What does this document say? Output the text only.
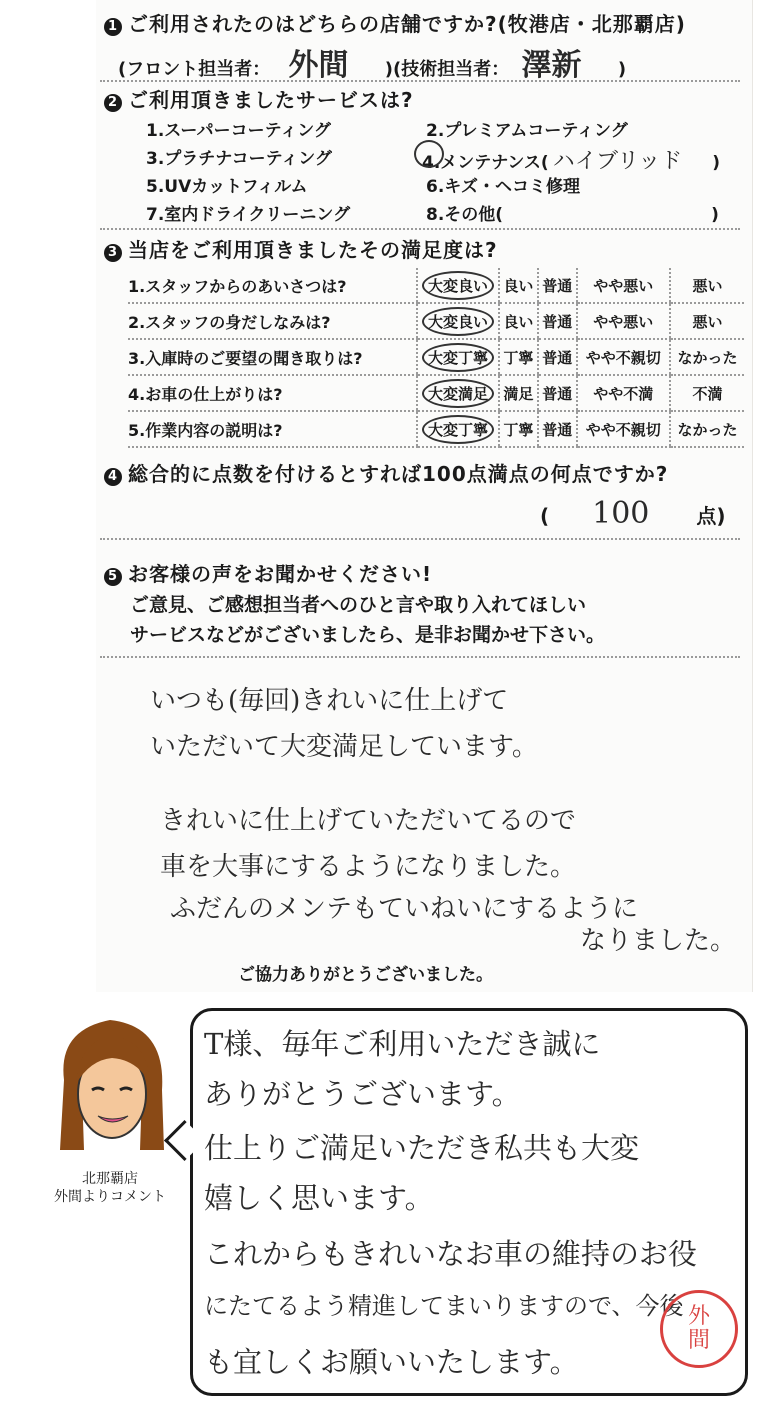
1 ご利用されたのはどちらの店舗ですか?(牧港店・北那覇店)
(フロント担当者： 外間 )(技術担当者： 澤新 )
2 ご利用頂きましたサービスは?
1.スーパーコーティング	2.プレミアムコーティング
3.プラチナコーティング	4.メンテナンス( ハイブリッド )
5.UVカットフィルム	6.キズ・ヘコミ修理
7.室内ドライクリーニング	8.その他(	)
3 当店をご利用頂きましたその満足度は?
1.スタッフからのあいさつは?	大変良い	良い	普通	やや悪い	悪い
2.スタッフの身だしなみは?	大変良い	良い	普通	やや悪い	悪い
3.入庫時のご要望の聞き取りは?	大変丁寧	丁寧	普通	やや不親切	なかった
4.お車の仕上がりは?	大変満足	満足	普通	やや不満	不満
5.作業内容の説明は?	大変丁寧	丁寧	普通	やや不親切	なかった
4 総合的に点数を付けるとすれば100点満点の何点ですか?
( 100 点)
5 お客様の声をお聞かせください!
ご意見、ご感想担当者へのひと言や取り入れてほしい
サービスなどがございましたら、是非お聞かせ下さい。
いつも(毎回)きれいに仕上げて
いただいて大変満足しています。
きれいに仕上げていただいてるので
車を大事にするようになりました。
ふだんのメンテもていねいにするように
なりました。
ご協力ありがとうございました。
北那覇店
外間よりコメント
T様、毎年ご利用いただき誠に
ありがとうございます。
仕上りご満足いただき私共も大変
嬉しく思います。
これからもきれいなお車の維持のお役
にたてるよう精進してまいりますので、今後
も宜しくお願いいたします。
外
間
